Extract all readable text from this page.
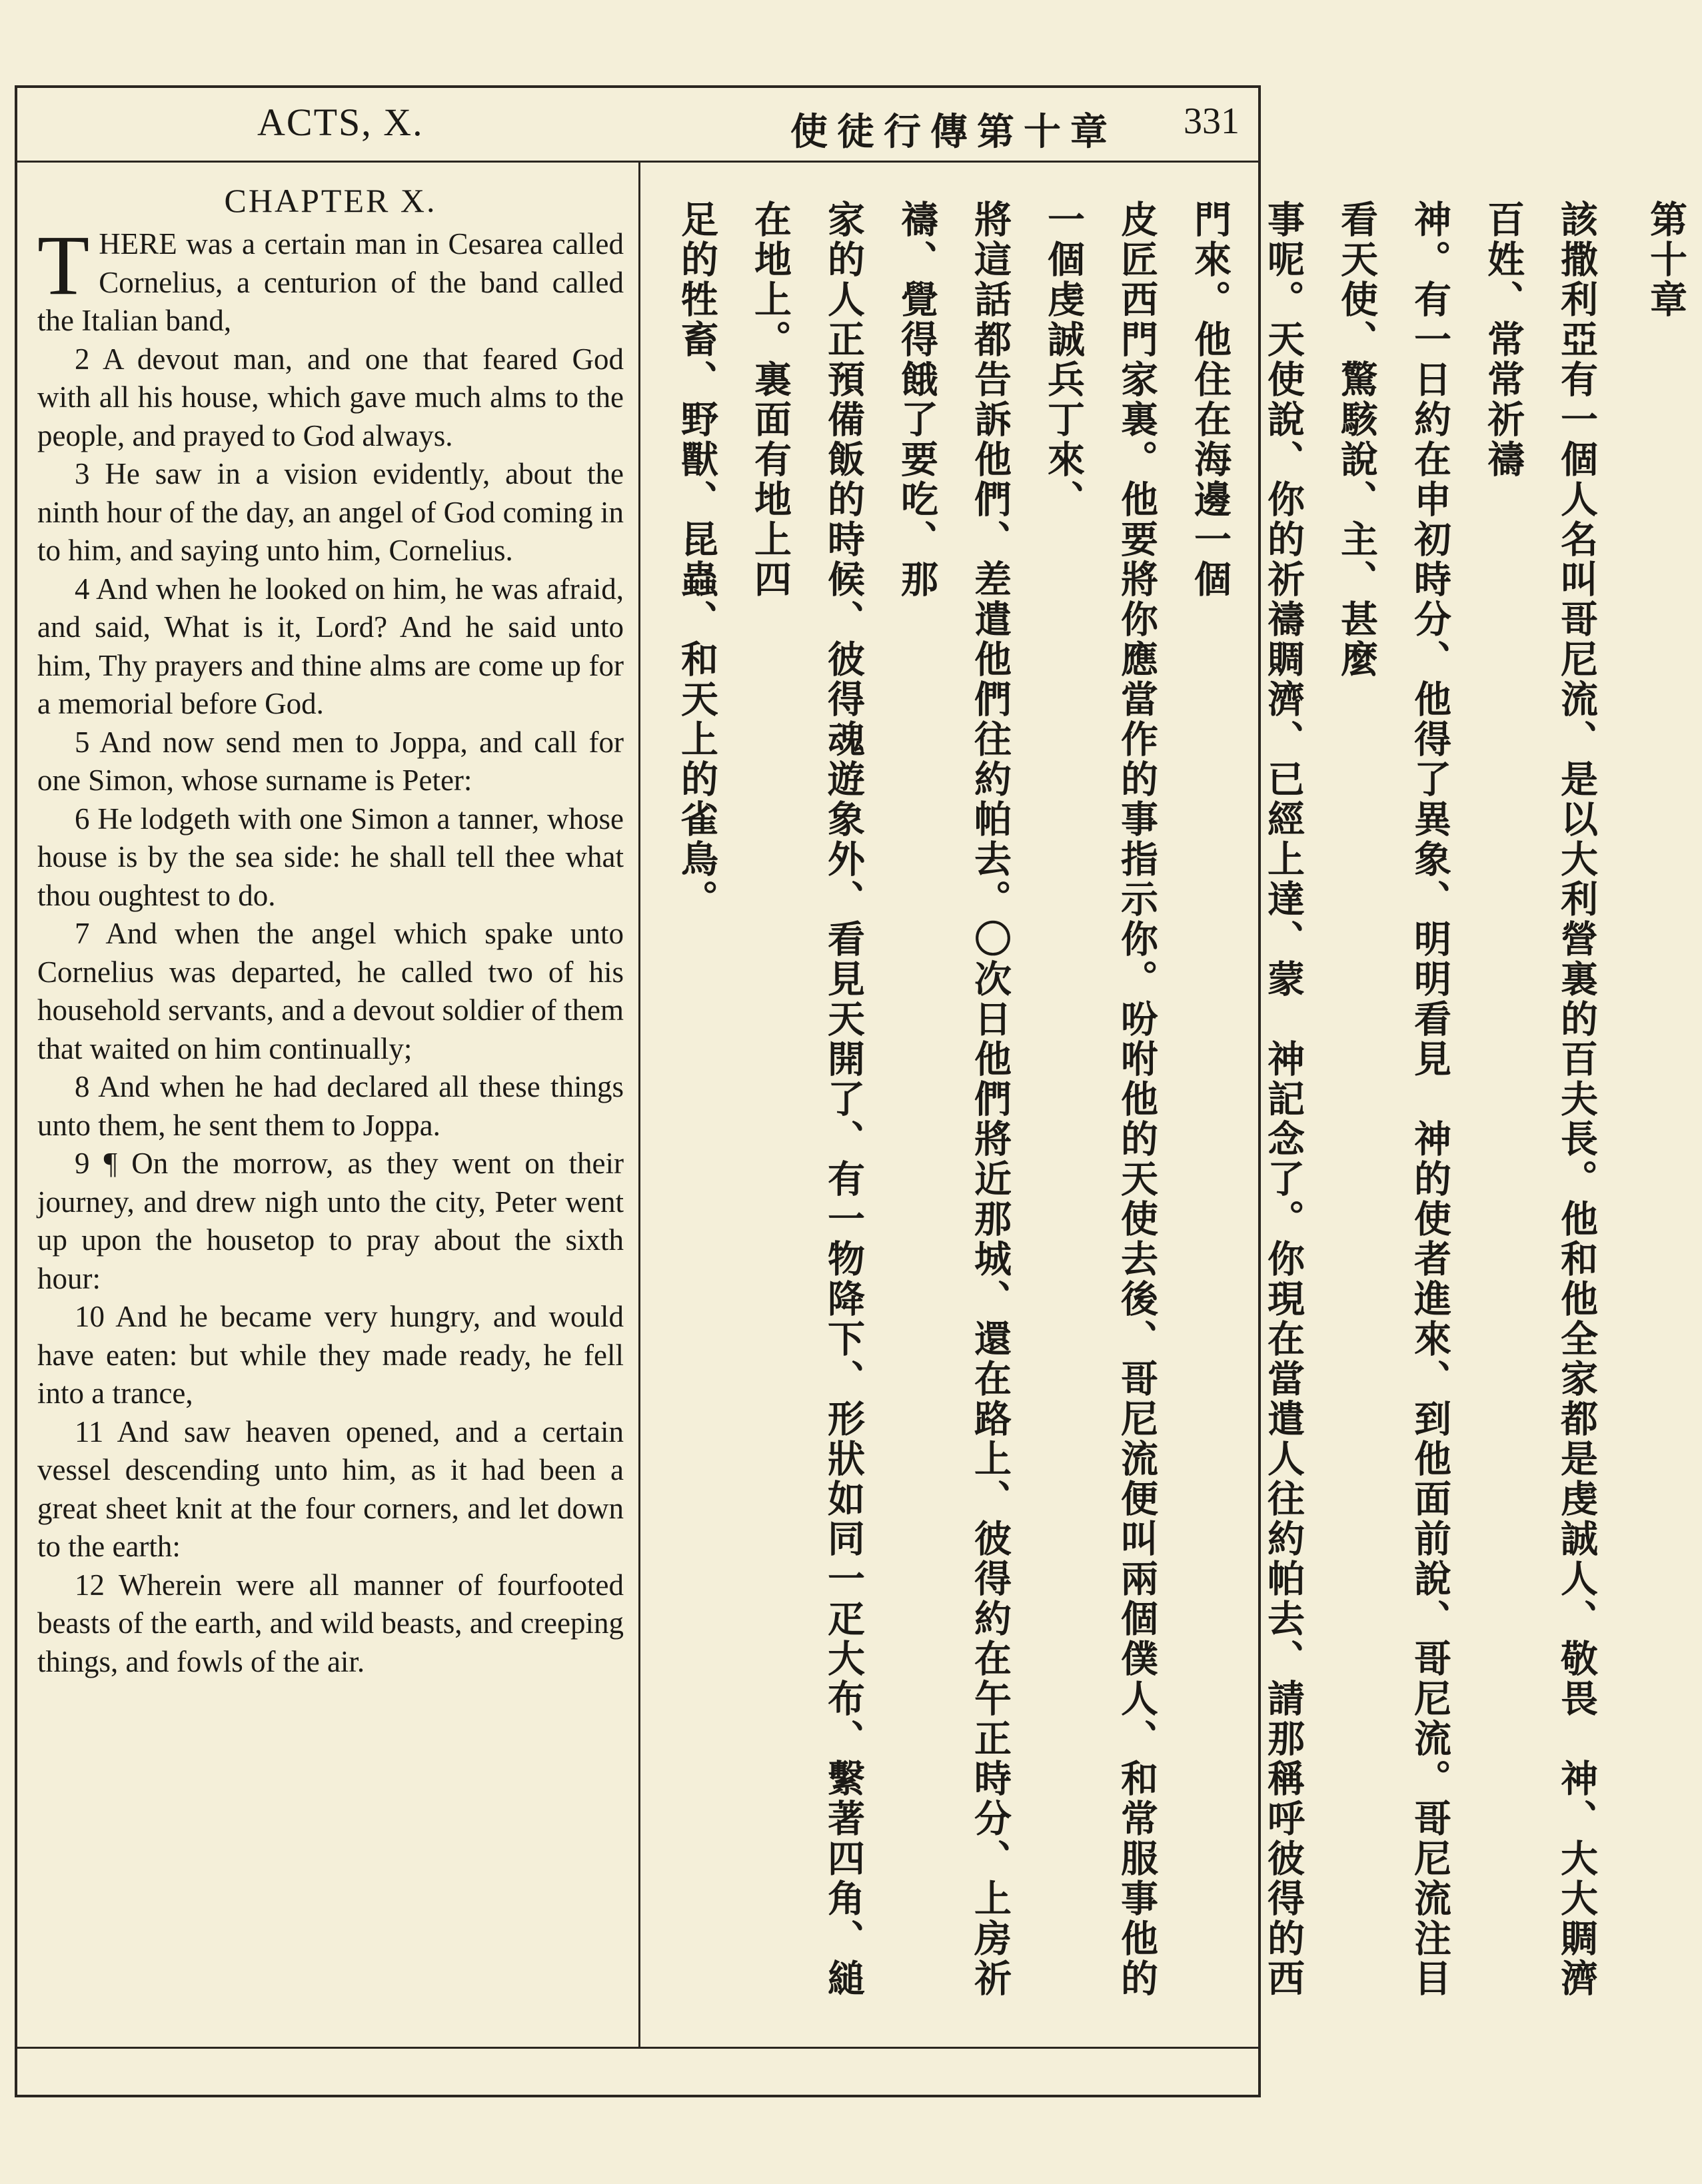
ACTS, X.	使徒行傳第十章 331
CHAPTER X.

THERE was a certain man in Cesarea called Cornelius, a centurion of the band called the Italian band,

2 A devout man, and one that feared God with all his house, which gave much alms to the people, and prayed to God always.

3 He saw in a vision evidently, about the ninth hour of the day, an angel of God coming in to him, and saying unto him, Cornelius.

4 And when he looked on him, he was afraid, and said, What is it, Lord? And he said unto him, Thy prayers and thine alms are come up for a memorial before God.

5 And now send men to Joppa, and call for one Simon, whose surname is Peter:

6 He lodgeth with one Simon a tanner, whose house is by the sea side: he shall tell thee what thou oughtest to do.

7 And when the angel which spake unto Cornelius was departed, he called two of his household servants, and a devout soldier of them that waited on him continually;

8 And when he had declared all these things unto them, he sent them to Joppa.

9 ¶ On the morrow, as they went on their journey, and drew nigh unto the city, Peter went up upon the housetop to pray about the sixth hour:

10 And he became very hungry, and would have eaten: but while they made ready, he fell into a trance,

11 And saw heaven opened, and a certain vessel descending unto him, as it had been a great sheet knit at the four corners, and let down to the earth:

12 Wherein were all manner of fourfooted beasts of the earth, and wild beasts, and creeping things, and fowls of the air.

第十章
該撒利亞有一個人名叫哥尼流、是以大利營裏的百夫長。他和他全家都是虔誠人、敬畏　神、大大賙濟百姓、常常祈禱
神。有一日約在申初時分、他得了異象、明明看見　神的使者進來、到他面前說、哥尼流。哥尼流注目看天使、驚駭說、主、甚麼
事呢。天使說、你的祈禱賙濟、已經上達、蒙　神記念了。你現在當遣人往約帕去、請那稱呼彼得的西門來。他住在海邊一個
皮匠西門家裏。他要將你應當作的事指示你。吩咐他的天使去後、哥尼流便叫兩個僕人、和常服事他的一個虔誠兵丁來、
將這話都告訴他們、差遣他們往約帕去。〇次日他們將近那城、還在路上、彼得約在午正時分、上房祈禱、覺得餓了要吃、那
家的人正預備飯的時候、彼得魂遊象外、看見天開了、有一物降下、形狀如同一疋大布、繫著四角、縋在地上。裏面有地上四
足的牲畜、野獸、昆蟲、和天上的雀鳥。
